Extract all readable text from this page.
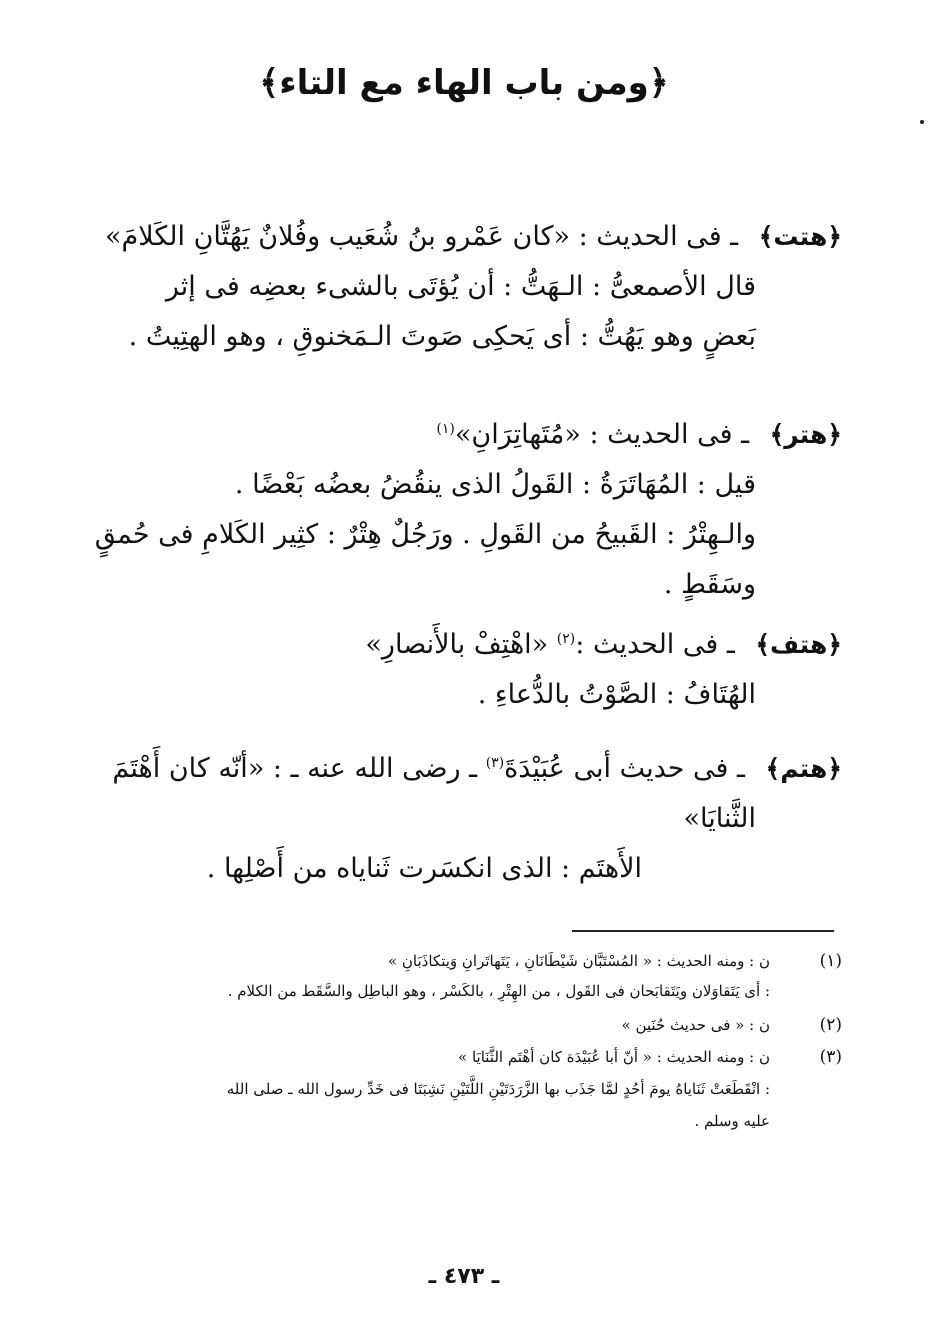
﴿ومن باب الهاء مع التاء﴾
﴿هتت﴾ ـ فى الحديث : «كان عَمْرو بنُ شُعَيب وفُلانٌ يَهُتَّانِ الكَلامَ»
قال الأصمعىُّ : الـهَتُّ : أن يُؤتَى بالشىء بعضِه فى إثر
بَعضٍ وهو يَهُتُّ : أى يَحكِى صَوتَ الـمَخنوقِ ، وهو الهتِيتُ .
﴿هتر﴾ ـ فى الحديث : «مُتَهاتِرَانِ»$^{(١)}$
قيل : المُهَاتَرَةُ : القَولُ الذى ينقُضُ بعضُه بَعْضًا .
والـهِتْرُ : القَبيحُ من القَولِ . ورَجُلٌ هِتْرٌ : كثِير الكَلامِ فى حُمقٍ
وسَقَطٍ .
﴿هتف﴾ ـ فى الحديث :$^{(٢)}$ «اهْتِفْ بالأَنصارِ»
الهُتَافُ : الصَّوْتُ بالدُّعاءِ .
﴿هتم﴾ ـ فى حديث أبى عُبَيْدَةَ$^{(٣)}$ ـ رضى الله عنه ـ : «أنّه كان أَهْتَمَ
الثَّنايَا»
الأَهتَم : الذى انكسَرت ثَناياه من أَصْلِها .
(١)ن : ومنه الحديث : « المُسْتَبَّان شَيْطَانَانِ ، يَتَهاتَرانِ وَيتكاذَبَانِ »
: أى يَتَقاوَلان ويَتَقابَحان فى القَول ، من الهِتْرِ ، بالكَسْر ، وهو الباطِل والسَّقَط من الكلام .
(٢)ن : « فى حديث حُنَين »
(٣)ن : ومنه الحديث : « أنّ أبا عُبَيْدَة كان أهْتَم الثَّنَايَا »
: انْقَطَعَتْ ثَنَاياهُ يومَ أحُدٍ لمَّا جَذَب بها الزَّرَدَتَيْنِ اللَّتَيْنِ نَشِبَتَا فى خَدِّ رسول الله ـ صلى الله
عليه وسلم .
ـ ٤٧٣ ـ
